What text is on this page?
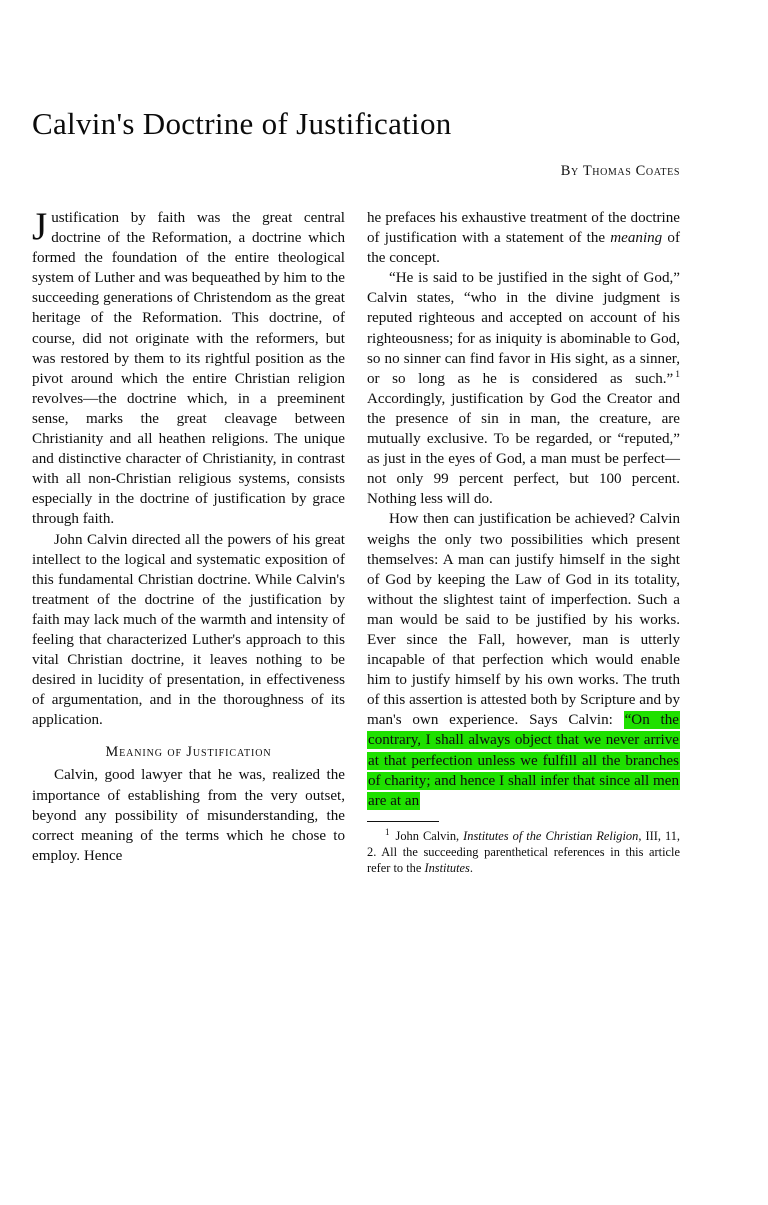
Calvin's Doctrine of Justification
By Thomas Coates

Justification by faith was the great central doctrine of the Reformation, a doctrine which formed the foundation of the entire theological system of Luther and was bequeathed by him to the succeeding generations of Christendom as the great heritage of the Reformation. This doctrine, of course, did not originate with the reformers, but was restored by them to its rightful position as the pivot around which the entire Christian religion revolves—the doctrine which, in a preeminent sense, marks the great cleavage between Christianity and all heathen religions. The unique and distinctive character of Christianity, in contrast with all non-Christian religious systems, consists especially in the doctrine of justification by grace through faith.

John Calvin directed all the powers of his great intellect to the logical and systematic exposition of this fundamental Christian doctrine. While Calvin's treatment of the doctrine of the justification by faith may lack much of the warmth and intensity of feeling that characterized Luther's approach to this vital Christian doctrine, it leaves nothing to be desired in lucidity of presentation, in effectiveness of argumentation, and in the thoroughness of its application.

Meaning of Justification

Calvin, good lawyer that he was, realized the importance of establishing from the very outset, beyond any possibility of misunderstanding, the correct meaning of the terms which he chose to employ. Hence

he prefaces his exhaustive treatment of the doctrine of justification with a statement of the meaning of the concept.

“He is said to be justified in the sight of God,” Calvin states, “who in the divine judgment is reputed righteous and accepted on account of his righteousness; for as iniquity is abominable to God, so no sinner can find favor in His sight, as a sinner, or so long as he is considered as such.” $^1$ Accordingly, justification by God the Creator and the presence of sin in man, the creature, are mutually exclusive. To be regarded, or “reputed,” as just in the eyes of God, a man must be perfect—not only 99 percent perfect, but 100 percent. Nothing less will do.

How then can justification be achieved? Calvin weighs the only two possibilities which present themselves: A man can justify himself in the sight of God by keeping the Law of God in its totality, without the slightest taint of imperfection. Such a man would be said to be justified by his works. Ever since the Fall, however, man is utterly incapable of that perfection which would enable him to justify himself by his own works. The truth of this assertion is attested both by Scripture and by man's own experience. Says Calvin: “On the contrary, I shall always object that we never arrive at that perfection unless we fulfill all the branches of charity; and hence I shall infer that since all men are at an

$^1$ John Calvin, Institutes of the Christian Religion, III, 11, 2. All the succeeding parenthetical references in this article refer to the Institutes.
